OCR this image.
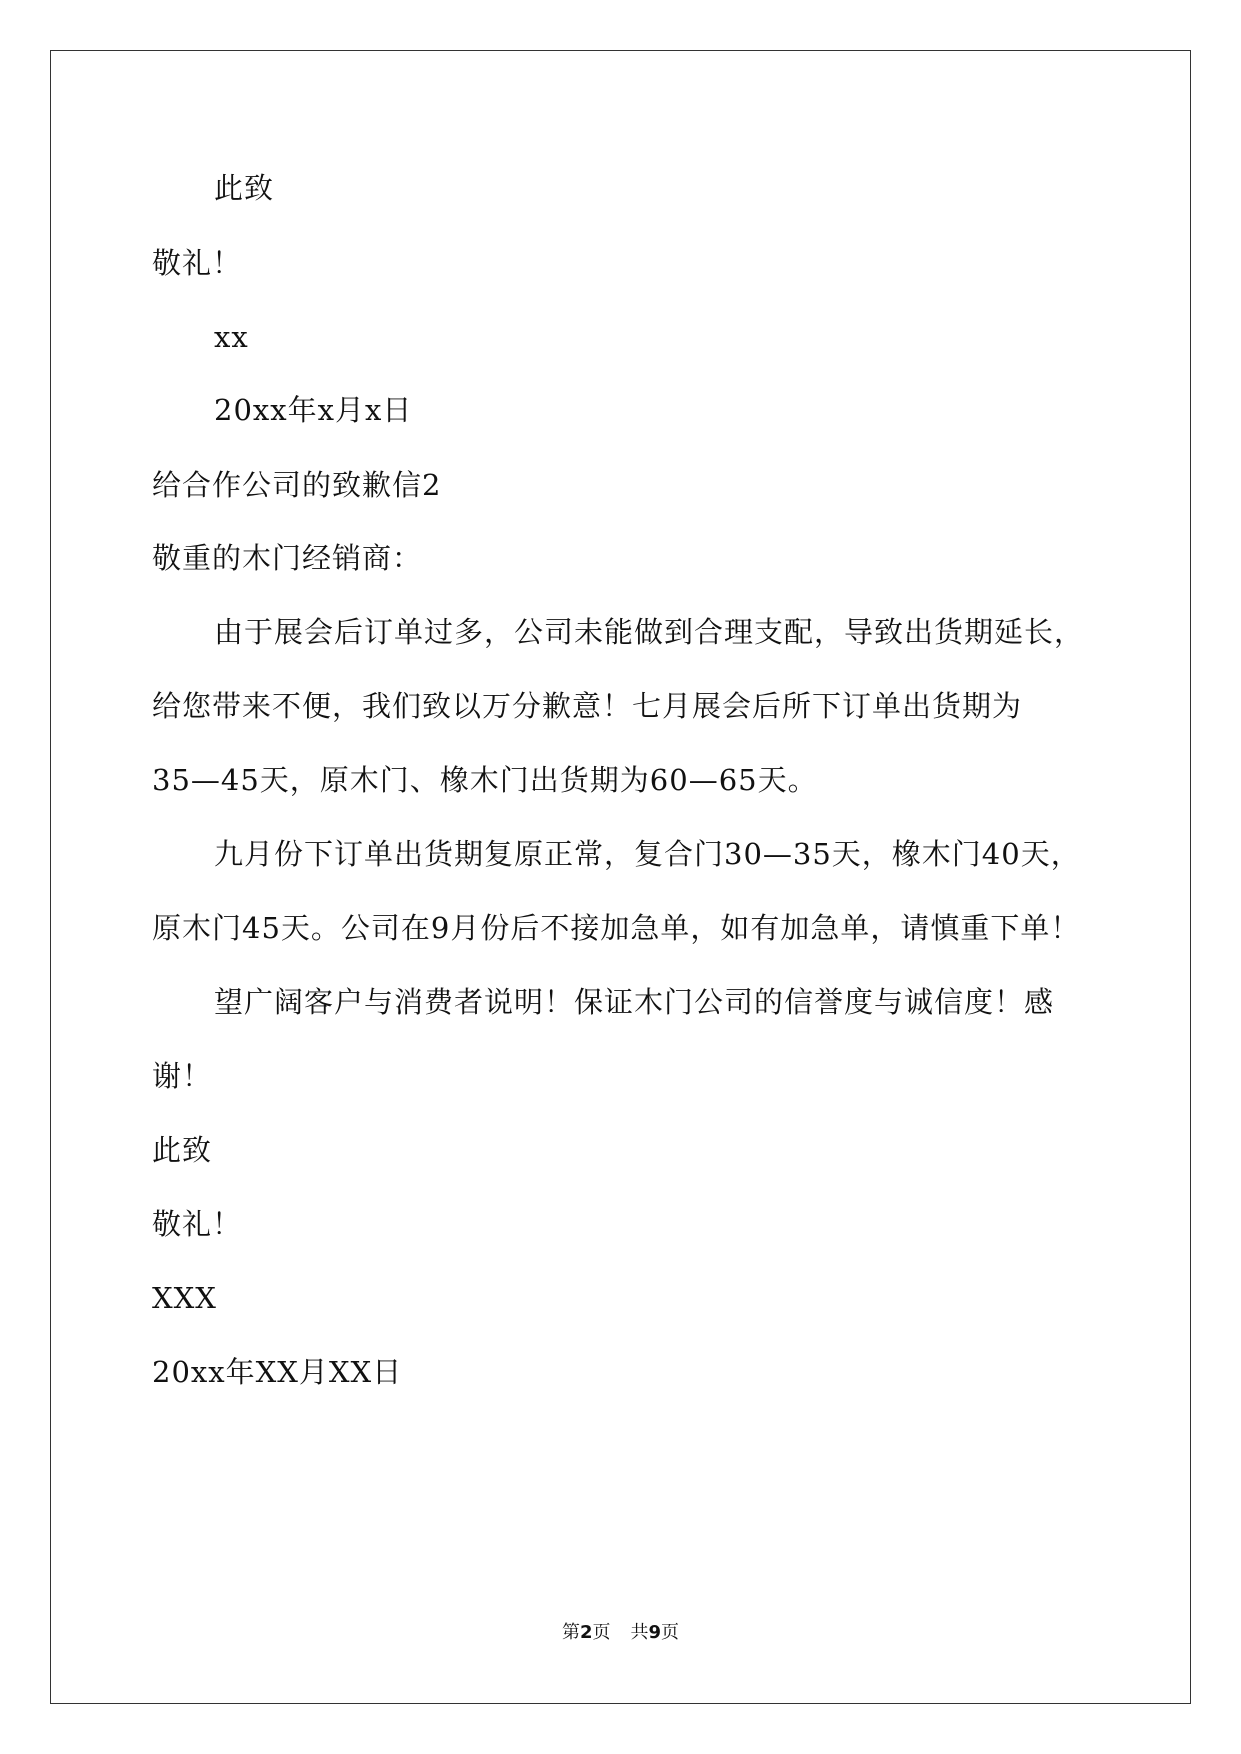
此致
敬礼！
xx
20xx年x月x日
给合作公司的致歉信2
敬重的木门经销商：
由于展会后订单过多，公司未能做到合理支配，导致出货期延长，
给您带来不便，我们致以万分歉意！七月展会后所下订单出货期为
35—45天，原木门、橡木门出货期为60—65天。
九月份下订单出货期复原正常，复合门30—35天，橡木门40天，
原木门45天。公司在9月份后不接加急单，如有加急单，请慎重下单！
望广阔客户与消费者说明！保证木门公司的信誉度与诚信度！感
谢！
此致
敬礼！
XXX
20xx年XX月XX日
第2页 共9页
